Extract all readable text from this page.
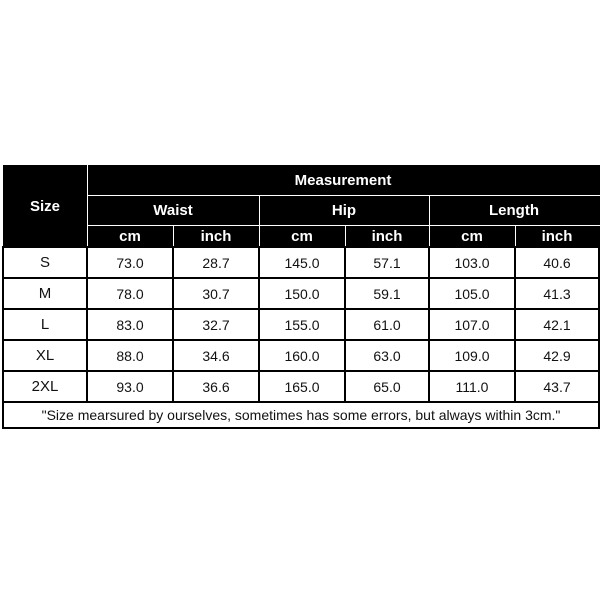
Size	Measurement					
	Waist		Hip		Length	
	cm	inch	cm	inch	cm	inch
S	73.0	28.7	145.0	57.1	103.0	40.6
M	78.0	30.7	150.0	59.1	105.0	41.3
L	83.0	32.7	155.0	61.0	107.0	42.1
XL	88.0	34.6	160.0	63.0	109.0	42.9
2XL	93.0	36.6	165.0	65.0	111.0	43.7
"Size mearsured by ourselves, sometimes has some errors, but always within 3cm."						
